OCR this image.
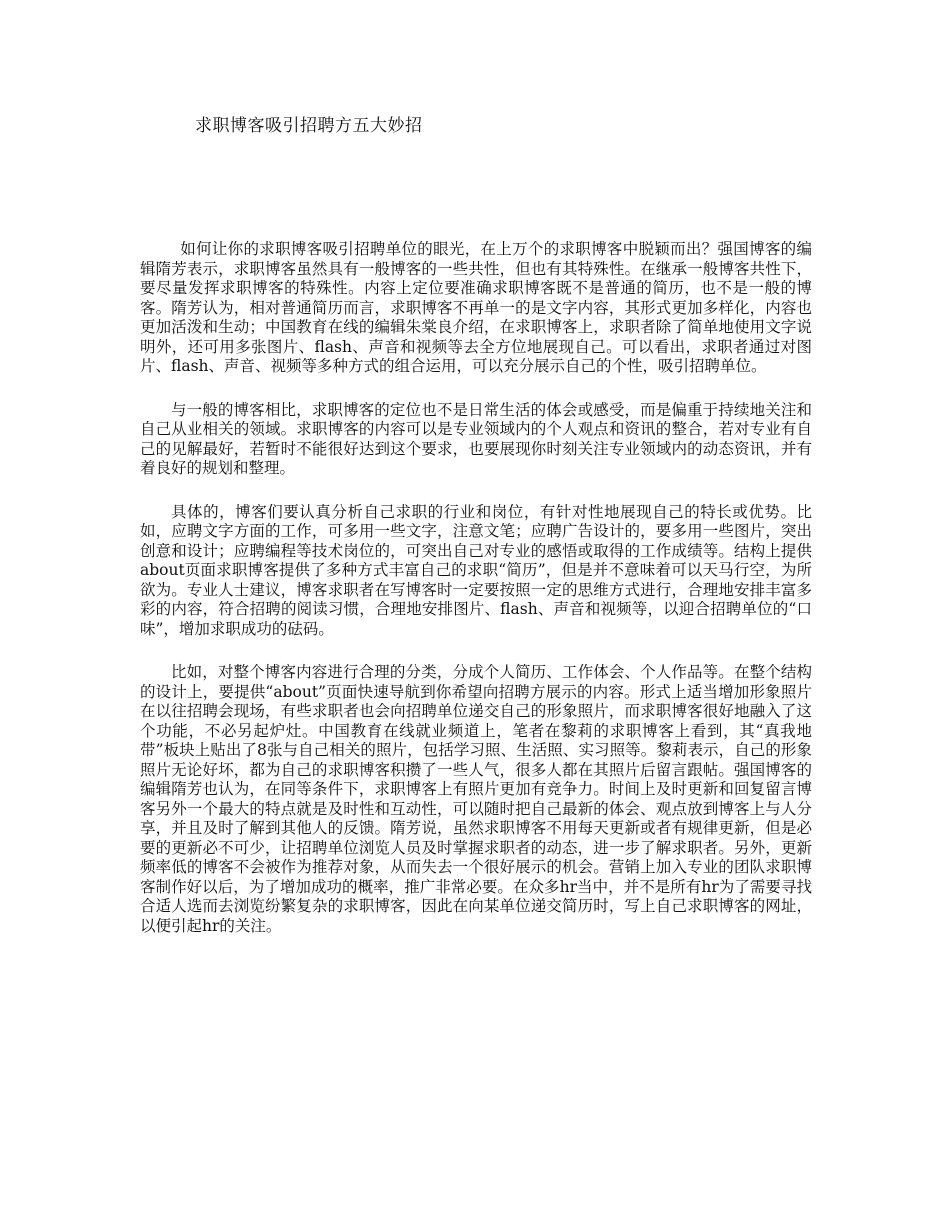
求职博客吸引招聘方五大妙招

如何让你的求职博客吸引招聘单位的眼光，在上万个的求职博客中脱颖而出？强国博客的编辑隋芳表示，求职博客虽然具有一般博客的一些共性，但也有其特殊性。在继承一般博客共性下，要尽量发挥求职博客的特殊性。内容上定位要准确求职博客既不是普通的简历，也不是一般的博客。隋芳认为，相对普通简历而言，求职博客不再单一的是文字内容，其形式更加多样化，内容也更加活泼和生动；中国教育在线的编辑朱棠良介绍，在求职博客上，求职者除了简单地使用文字说明外，还可用多张图片、flash、声音和视频等去全方位地展现自己。可以看出，求职者通过对图片、flash、声音、视频等多种方式的组合运用，可以充分展示自己的个性，吸引招聘单位。

与一般的博客相比，求职博客的定位也不是日常生活的体会或感受，而是偏重于持续地关注和自己从业相关的领域。求职博客的内容可以是专业领域内的个人观点和资讯的整合，若对专业有自己的见解最好，若暂时不能很好达到这个要求，也要展现你时刻关注专业领域内的动态资讯，并有着良好的规划和整理。

具体的，博客们要认真分析自己求职的行业和岗位，有针对性地展现自己的特长或优势。比如，应聘文字方面的工作，可多用一些文字，注意文笔；应聘广告设计的，要多用一些图片，突出创意和设计；应聘编程等技术岗位的，可突出自己对专业的感悟或取得的工作成绩等。结构上提供about页面求职博客提供了多种方式丰富自己的求职“简历”，但是并不意味着可以天马行空，为所欲为。专业人士建议，博客求职者在写博客时一定要按照一定的思维方式进行，合理地安排丰富多彩的内容，符合招聘的阅读习惯，合理地安排图片、flash、声音和视频等，以迎合招聘单位的“口味”，增加求职成功的砝码。

比如，对整个博客内容进行合理的分类，分成个人简历、工作体会、个人作品等。在整个结构的设计上，要提供“about”页面快速导航到你希望向招聘方展示的内容。形式上适当增加形象照片在以往招聘会现场，有些求职者也会向招聘单位递交自己的形象照片，而求职博客很好地融入了这个功能，不必另起炉灶。中国教育在线就业频道上，笔者在黎莉的求职博客上看到，其“真我地带”板块上贴出了8张与自己相关的照片，包括学习照、生活照、实习照等。黎莉表示，自己的形象照片无论好坏，都为自己的求职博客积攒了一些人气，很多人都在其照片后留言跟帖。强国博客的编辑隋芳也认为，在同等条件下，求职博客上有照片更加有竞争力。时间上及时更新和回复留言博客另外一个最大的特点就是及时性和互动性，可以随时把自己最新的体会、观点放到博客上与人分享，并且及时了解到其他人的反馈。隋芳说，虽然求职博客不用每天更新或者有规律更新，但是必要的更新必不可少，让招聘单位浏览人员及时掌握求职者的动态，进一步了解求职者。另外，更新频率低的博客不会被作为推荐对象，从而失去一个很好展示的机会。营销上加入专业的团队求职博客制作好以后，为了增加成功的概率，推广非常必要。在众多hr当中，并不是所有hr为了需要寻找合适人选而去浏览纷繁复杂的求职博客，因此在向某单位递交简历时，写上自己求职博客的网址，以便引起hr的关注。
